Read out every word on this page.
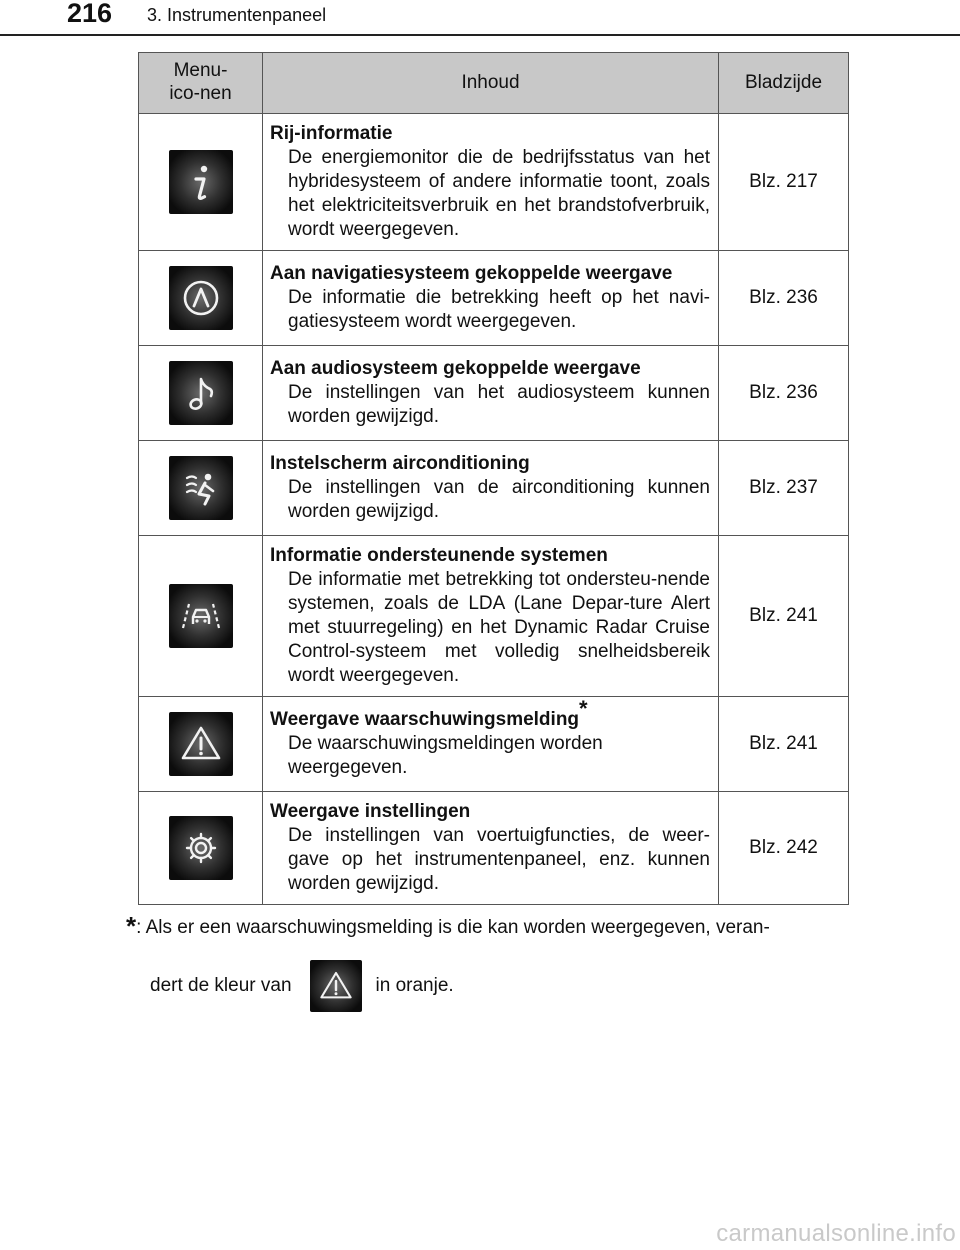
216 3. Instrumentenpaneel
Menu-ico-nen	Inhoud	Bladzijde

Rij-informatie
De energiemonitor die de bedrijfsstatus van het hybridesysteem of andere informatie toont, zoals het elektriciteitsverbruik en het brandstofverbruik, wordt weergegeven.	Blz. 217

Aan navigatiesysteem gekoppelde weergave
De informatie die betrekking heeft op het navi-gatiesysteem wordt weergegeven.	Blz. 236

Aan audiosysteem gekoppelde weergave
De instellingen van het audiosysteem kunnen worden gewijzigd.	Blz. 236

Instelscherm airconditioning
De instellingen van de airconditioning kunnen worden gewijzigd.	Blz. 237

Informatie ondersteunende systemen
De informatie met betrekking tot ondersteu-nende systemen, zoals de LDA (Lane Depar-ture Alert met stuurregeling) en het Dynamic Radar Cruise Control-systeem met volledig snelheidsbereik wordt weergegeven.	Blz. 241

Weergave waarschuwingsmelding*
De waarschuwingsmeldingen worden weergegeven.	Blz. 241

Weergave instellingen
De instellingen van voertuigfuncties, de weer-gave op het instrumentenpaneel, enz. kunnen worden gewijzigd.	Blz. 242
*: Als er een waarschuwingsmelding is die kan worden weergegeven, veran-
dert de kleur van	in oranje.
carmanualsonline.info
